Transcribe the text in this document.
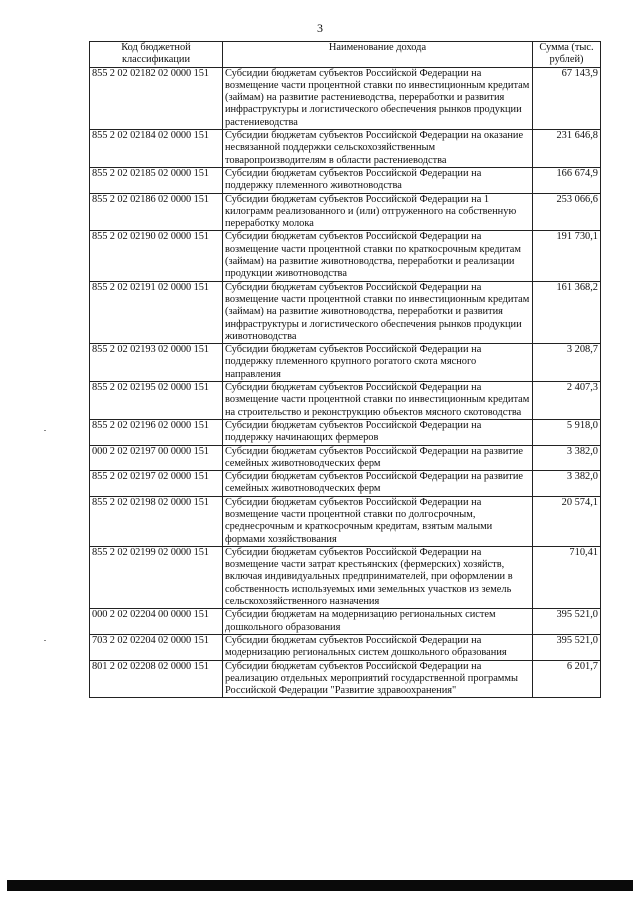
3
Код бюджетной классификации	Наименование дохода	Сумма (тыс. рублей)
855 2 02 02182 02 0000 151	Субсидии бюджетам субъектов Российской Федерации на возмещение части процентной ставки по инвестиционным кредитам (займам) на развитие растениеводства, переработки и развития инфраструктуры и логистического обеспечения рынков продукции растениеводства	67 143,9
855 2 02 02184 02 0000 151	Субсидии бюджетам субъектов Российской Федерации на оказание несвязанной поддержки сельскохозяйственным товаропроизводителям в области растениеводства	231 646,8
855 2 02 02185 02 0000 151	Субсидии бюджетам субъектов Российской Федерации на поддержку племенного животноводства	166 674,9
855 2 02 02186 02 0000 151	Субсидии бюджетам субъектов Российской Федерации на 1 килограмм реализованного и (или) отгруженного на собственную переработку молока	253 066,6
855 2 02 02190 02 0000 151	Субсидии бюджетам субъектов Российской Федерации на возмещение части процентной ставки по краткосрочным кредитам (займам) на развитие животноводства, переработки и реализации продукции животноводства	191 730,1
855 2 02 02191 02 0000 151	Субсидии бюджетам субъектов Российской Федерации на возмещение части процентной ставки по инвестиционным кредитам (займам) на развитие животноводства, переработки и развития инфраструктуры и логистического обеспечения рынков продукции животноводства	161 368,2
855 2 02 02193 02 0000 151	Субсидии бюджетам субъектов Российской Федерации на поддержку племенного крупного рогатого скота мясного направления	3 208,7
855 2 02 02195 02 0000 151	Субсидии бюджетам субъектов Российской Федерации на возмещение части процентной ставки по инвестиционным кредитам на строительство и реконструкцию объектов мясного скотоводства	2 407,3
855 2 02 02196 02 0000 151	Субсидии бюджетам субъектов Российской Федерации на поддержку начинающих фермеров	5 918,0
000 2 02 02197 00 0000 151	Субсидии бюджетам субъектов Российской Федерации на развитие семейных животноводческих ферм	3 382,0
855 2 02 02197 02 0000 151	Субсидии бюджетам субъектов Российской Федерации на развитие семейных животноводческих ферм	3 382,0
855 2 02 02198 02 0000 151	Субсидии бюджетам субъектов Российской Федерации на возмещение части процентной ставки по долгосрочным, среднесрочным и краткосрочным кредитам, взятым малыми формами хозяйствования	20 574,1
855 2 02 02199 02 0000 151	Субсидии бюджетам субъектов Российской Федерации на возмещение части затрат крестьянских (фермерских) хозяйств, включая индивидуальных предпринимателей, при оформлении в собственность используемых ими земельных участков из земель сельскохозяйственного назначения	710,41
000 2 02 02204 00 0000 151	Субсидии бюджетам на модернизацию региональных систем дошкольного образования	395 521,0
703 2 02 02204 02 0000 151	Субсидии бюджетам субъектов Российской Федерации на модернизацию региональных систем дошкольного образования	395 521,0
801 2 02 02208 02 0000 151	Субсидии бюджетам субъектов Российской Федерации на реализацию отдельных мероприятий государственной программы Российской Федерации "Развитие здравоохранения"	6 201,7
